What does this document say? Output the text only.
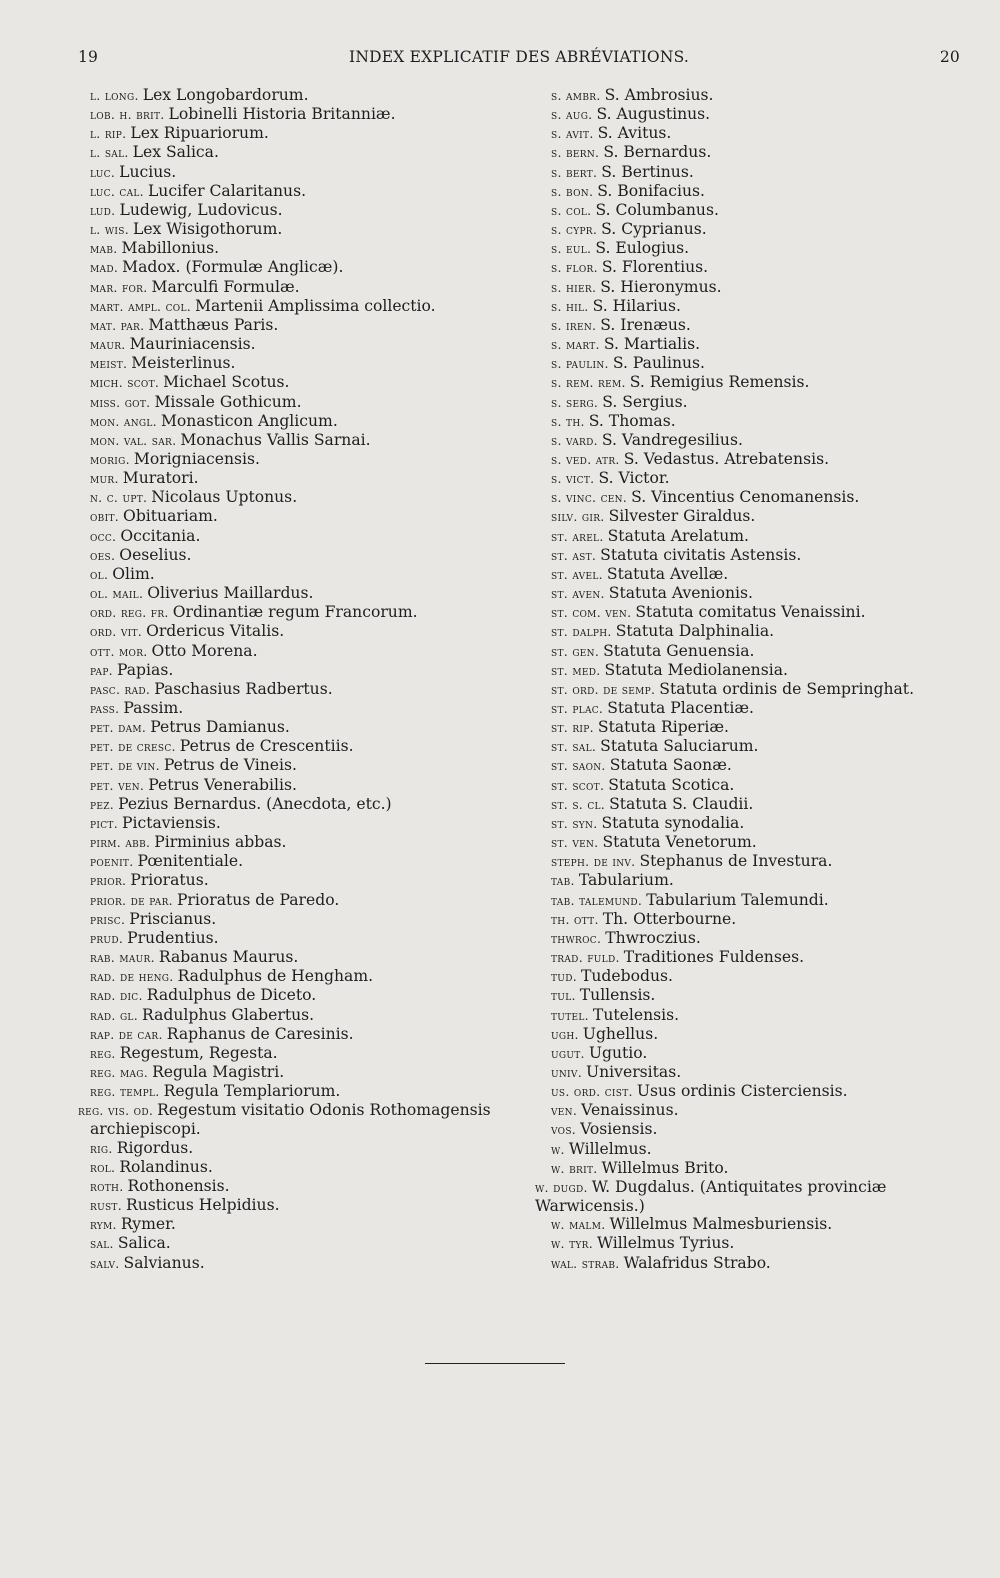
19	INDEX EXPLICATIF DES ABRÉVIATIONS.	20
l. long. Lex Longobardorum.
lob. h. brit. Lobinelli Historia Britanniæ.
l. rip. Lex Ripuariorum.
l. sal. Lex Salica.
luc. Lucius.
luc. cal. Lucifer Calaritanus.
lud. Ludewig, Ludovicus.
l. wis. Lex Wisigothorum.
mab. Mabillonius.
mad. Madox. (Formulæ Anglicæ).
mar. for. Marculfi Formulæ.
mart. ampl. col. Martenii Amplissima collectio.
mat. par. Matthæus Paris.
maur. Mauriniacensis.
meist. Meisterlinus.
mich. scot. Michael Scotus.
miss. got. Missale Gothicum.
mon. angl. Monasticon Anglicum.
mon. val. sar. Monachus Vallis Sarnai.
morig. Morigniacensis.
mur. Muratori.
n. c. upt. Nicolaus Uptonus.
obit. Obituariam.
occ. Occitania.
oes. Oeselius.
ol. Olim.
ol. mail. Oliverius Maillardus.
ord. reg. fr. Ordinantiæ regum Francorum.
ord. vit. Ordericus Vitalis.
ott. mor. Otto Morena.
pap. Papias.
pasc. rad. Paschasius Radbertus.
pass. Passim.
pet. dam. Petrus Damianus.
pet. de cresc. Petrus de Crescentiis.
pet. de vin. Petrus de Vineis.
pet. ven. Petrus Venerabilis.
pez. Pezius Bernardus. (Anecdota, etc.)
pict. Pictaviensis.
pirm. abb. Pirminius abbas.
poenit. Pœnitentiale.
prior. Prioratus.
prior. de par. Prioratus de Paredo.
prisc. Priscianus.
prud. Prudentius.
rab. maur. Rabanus Maurus.
rad. de heng. Radulphus de Hengham.
rad. dic. Radulphus de Diceto.
rad. gl. Radulphus Glabertus.
rap. de car. Raphanus de Caresinis.
reg. Regestum, Regesta.
reg. mag. Regula Magistri.
reg. templ. Regula Templariorum.
reg. vis. od. Regestum visitatio Odonis Rothomagensis archiepiscopi.
rig. Rigordus.
rol. Rolandinus.
roth. Rothonensis.
rust. Rusticus Helpidius.
rym. Rymer.
sal. Salica.
salv. Salvianus.
s. ambr. S. Ambrosius.
s. aug. S. Augustinus.
s. avit. S. Avitus.
s. bern. S. Bernardus.
s. bert. S. Bertinus.
s. bon. S. Bonifacius.
s. col. S. Columbanus.
s. cypr. S. Cyprianus.
s. eul. S. Eulogius.
s. flor. S. Florentius.
s. hier. S. Hieronymus.
s. hil. S. Hilarius.
s. iren. S. Irenæus.
s. mart. S. Martialis.
s. paulin. S. Paulinus.
s. rem. rem. S. Remigius Remensis.
s. serg. S. Sergius.
s. th. S. Thomas.
s. vard. S. Vandregesilius.
s. ved. atr. S. Vedastus. Atrebatensis.
s. vict. S. Victor.
s. vinc. cen. S. Vincentius Cenomanensis.
silv. gir. Silvester Giraldus.
st. arel. Statuta Arelatum.
st. ast. Statuta civitatis Astensis.
st. avel. Statuta Avellæ.
st. aven. Statuta Avenionis.
st. com. ven. Statuta comitatus Venaissini.
st. dalph. Statuta Dalphinalia.
st. gen. Statuta Genuensia.
st. med. Statuta Mediolanensia.
st. ord. de semp. Statuta ordinis de Sempringhat.
st. plac. Statuta Placentiæ.
st. rip. Statuta Riperiæ.
st. sal. Statuta Saluciarum.
st. saon. Statuta Saonæ.
st. scot. Statuta Scotica.
st. s. cl. Statuta S. Claudii.
st. syn. Statuta synodalia.
st. ven. Statuta Venetorum.
steph. de inv. Stephanus de Investura.
tab. Tabularium.
tab. talemund. Tabularium Talemundi.
th. ott. Th. Otterbourne.
thwroc. Thwroczius.
trad. fuld. Traditiones Fuldenses.
tud. Tudebodus.
tul. Tullensis.
tutel. Tutelensis.
ugh. Ughellus.
ugut. Ugutio.
univ. Universitas.
us. ord. cist. Usus ordinis Cisterciensis.
ven. Venaissinus.
vos. Vosiensis.
w. Willelmus.
w. brit. Willelmus Brito.
w. dugd. W. Dugdalus. (Antiquitates provinciæ Warwicensis.)
w. malm. Willelmus Malmesburiensis.
w. tyr. Willelmus Tyrius.
wal. strab. Walafridus Strabo.
